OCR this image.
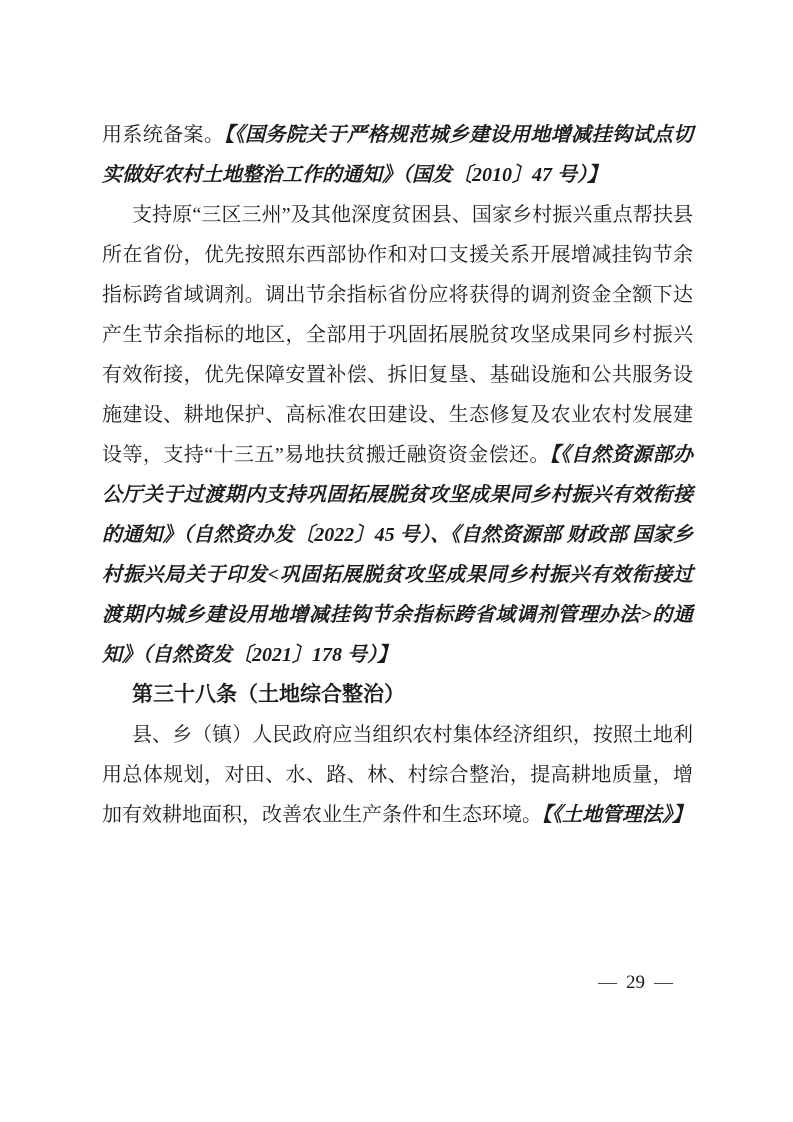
用系统备案。【《国务院关于严格规范城乡建设用地增减挂钩试点切实做好农村土地整治工作的通知》（国发〔2010〕47 号）】

支持原“三区三州”及其他深度贫困县、国家乡村振兴重点帮扶县所在省份，优先按照东西部协作和对口支援关系开展增减挂钩节余指标跨省域调剂。调出节余指标省份应将获得的调剂资金全额下达产生节余指标的地区，全部用于巩固拓展脱贫攻坚成果同乡村振兴有效衔接，优先保障安置补偿、拆旧复垦、基础设施和公共服务设施建设、耕地保护、高标准农田建设、生态修复及农业农村发展建设等，支持“十三五”易地扶贫搬迁融资资金偿还。【《自然资源部办公厅关于过渡期内支持巩固拓展脱贫攻坚成果同乡村振兴有效衔接的通知》（自然资办发〔2022〕45 号）、《自然资源部 财政部 国家乡村振兴局关于印发<巩固拓展脱贫攻坚成果同乡村振兴有效衔接过渡期内城乡建设用地增减挂钩节余指标跨省域调剂管理办法>的通知》（自然资发〔2021〕178 号）】

第三十八条（土地综合整治）

县、乡（镇）人民政府应当组织农村集体经济组织，按照土地利用总体规划，对田、水、路、林、村综合整治，提高耕地质量，增加有效耕地面积，改善农业生产条件和生态环境。【《土地管理法》】

— 29 —
